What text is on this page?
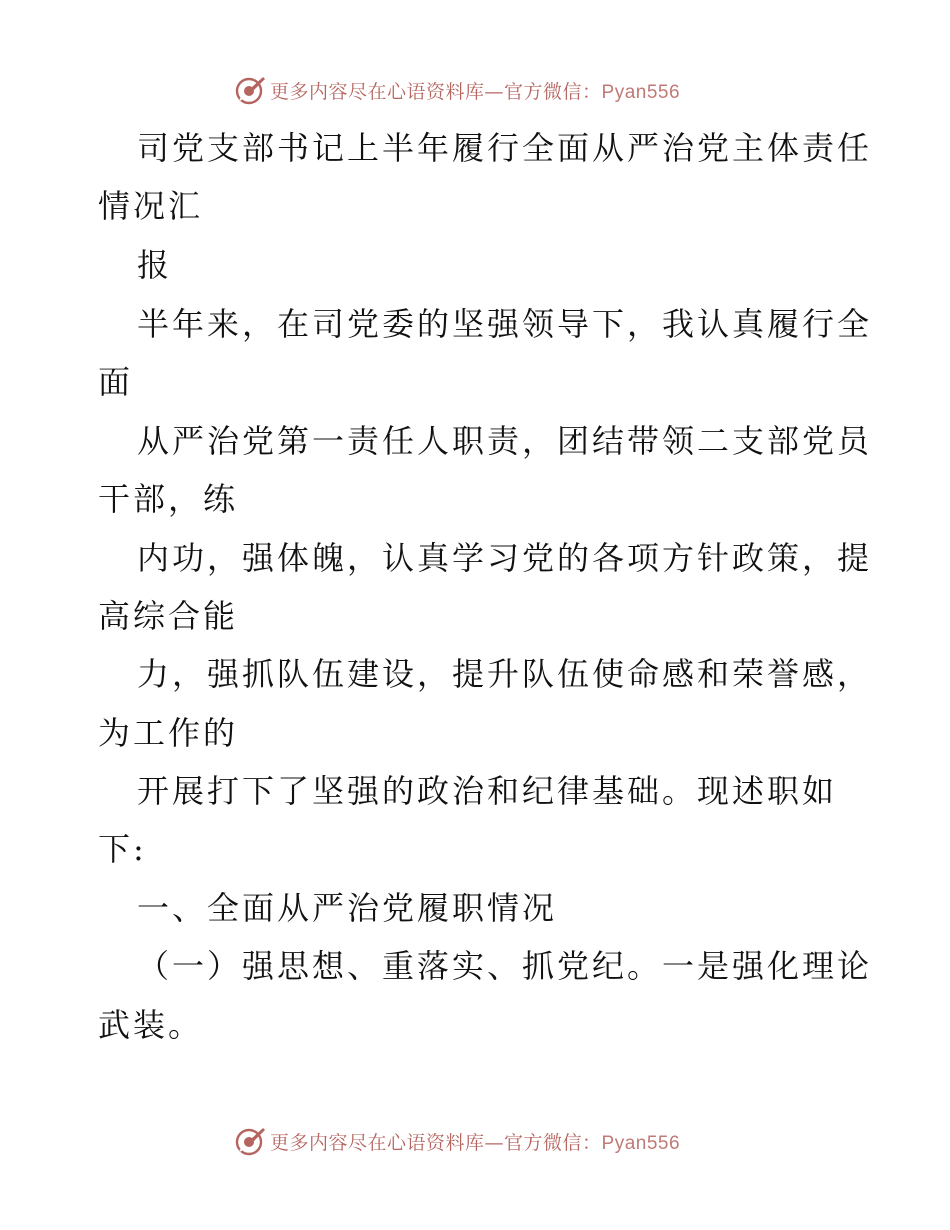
更多内容尽在心语资料库—官方微信：Pyan556
司党支部书记上半年履行全面从严治党主体责任
情况汇
报
半年来，在司党委的坚强领导下，我认真履行全
面
从严治党第一责任人职责，团结带领二支部党员
干部，练
内功，强体魄，认真学习党的各项方针政策，提
高综合能
力，强抓队伍建设，提升队伍使命感和荣誉感，
为工作的
开展打下了坚强的政治和纪律基础。现述职如
下:
一、全面从严治党履职情况
（一）强思想、重落实、抓党纪。一是强化理论
武装。
更多内容尽在心语资料库—官方微信：Pyan556
